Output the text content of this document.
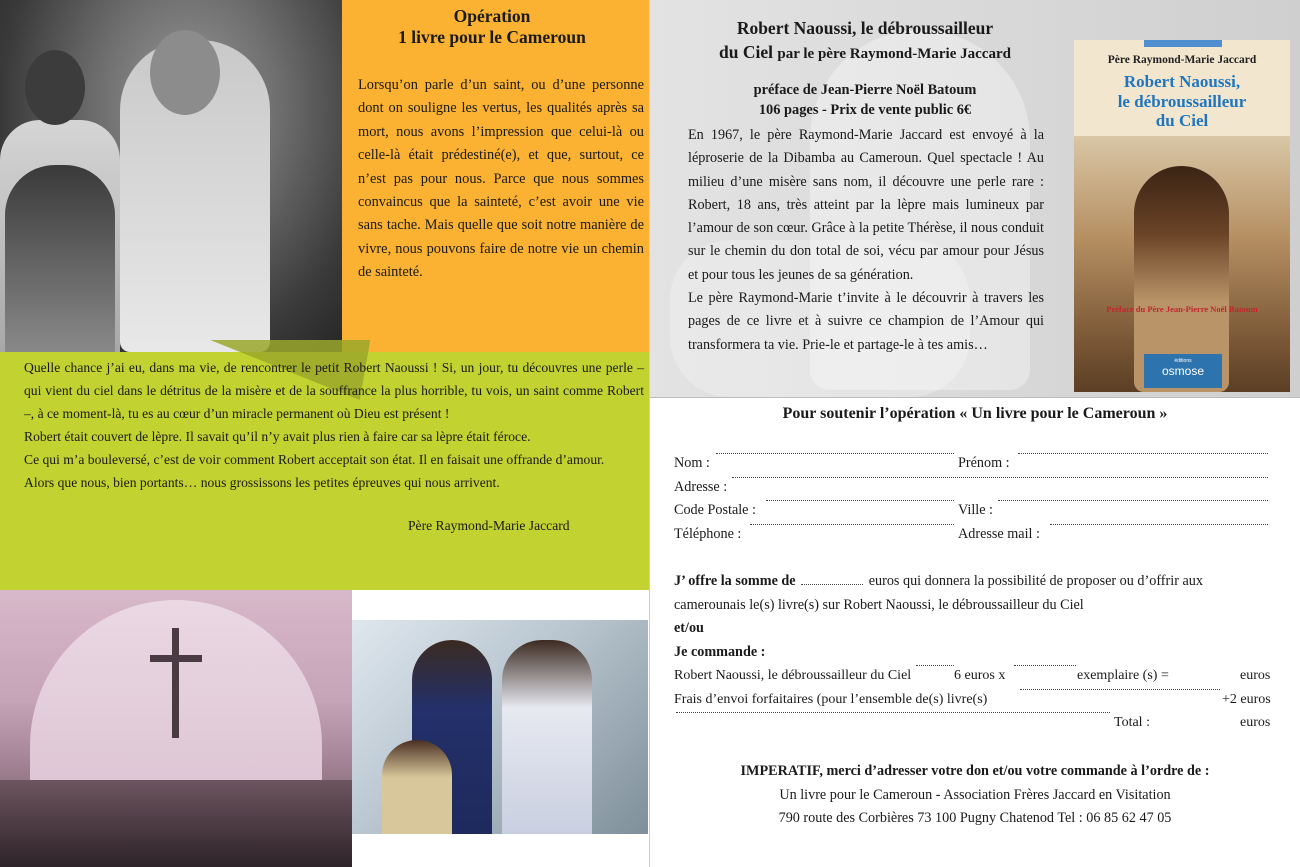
Opération
1 livre pour le Cameroun
Lorsqu’on parle d’un saint, ou d’une personne dont on souligne les vertus, les qualités après sa mort, nous avons l’impression que celui-là ou celle-là était prédestiné(e), et que, surtout, ce n’est pas pour nous. Parce que nous sommes convaincus que la sainteté, c’est avoir une vie sans tache. Mais quelle que soit notre manière de vivre, nous pouvons faire de notre vie un chemin de sainteté.

Quelle chance j’ai eu, dans ma vie, de rencontrer le petit Robert Naoussi ! Si, un jour, tu découvres une perle – qui vient du ciel dans le détritus de la misère et de la souffrance la plus horrible, tu vois, un saint comme Robert –, à ce moment-là, tu es au cœur d’un miracle permanent où Dieu est présent !

Robert était couvert de lèpre. Il savait qu’il n’y avait plus rien à faire car sa lèpre était féroce.

Ce qui m’a bouleversé, c’est de voir comment Robert acceptait son état. Il en faisait une offrande d’amour.

Alors que nous, bien portants… nous grossissons les petites épreuves qui nous arrivent.

Père Raymond-Marie Jaccard
Robert Naoussi, le débroussailleur
du Ciel par le père Raymond-Marie Jaccard
préface de Jean-Pierre Noël Batoum
106 pages - Prix de vente public 6€

En 1967, le père Raymond-Marie Jaccard est envoyé à la léproserie de la Dibamba au Cameroun. Quel spectacle ! Au milieu d’une misère sans nom, il découvre une perle rare : Robert, 18 ans, très atteint par la lèpre mais lumineux par l’amour de son cœur. Grâce à la petite Thérèse, il nous conduit sur le chemin du don total de soi, vécu par amour pour Jésus et pour tous les jeunes de sa génération.

Le père Raymond-Marie t’invite à le découvrir à travers les pages de ce livre et à suivre ce champion de l’Amour qui transformera ta vie. Prie-le et partage-le à tes amis…

Père Raymond-Marie Jaccard
Robert Naoussi,
le débroussailleur
du Ciel
Préface du Père Jean-Pierre Noël Batoum
éditions
osmose
Pour soutenir l’opération « Un livre pour le Cameroun »
Nom :	Prénom :
Adresse :
Code Postale :	Ville :
Téléphone :	Adresse mail :
J’ offre la somme de	euros qui donnera la possibilité de proposer ou d’offrir aux camerounais le(s) livre(s) sur Robert Naoussi, le débroussailleur du Ciel
et/ou
Je commande :
Robert Naoussi, le débroussailleur du Ciel	6 euros x	exemplaire (s) =	euros
Frais d’envoi forfaitaires (pour l’ensemble de(s) livre(s)	+2 euros
Total :	euros
IMPERATIF, merci d’adresser votre don et/ou votre commande à l’ordre de :
Un livre pour le Cameroun - Association Frères Jaccard en Visitation
790 route des Corbières 73 100 Pugny Chatenod Tel : 06 85 62 47 05
